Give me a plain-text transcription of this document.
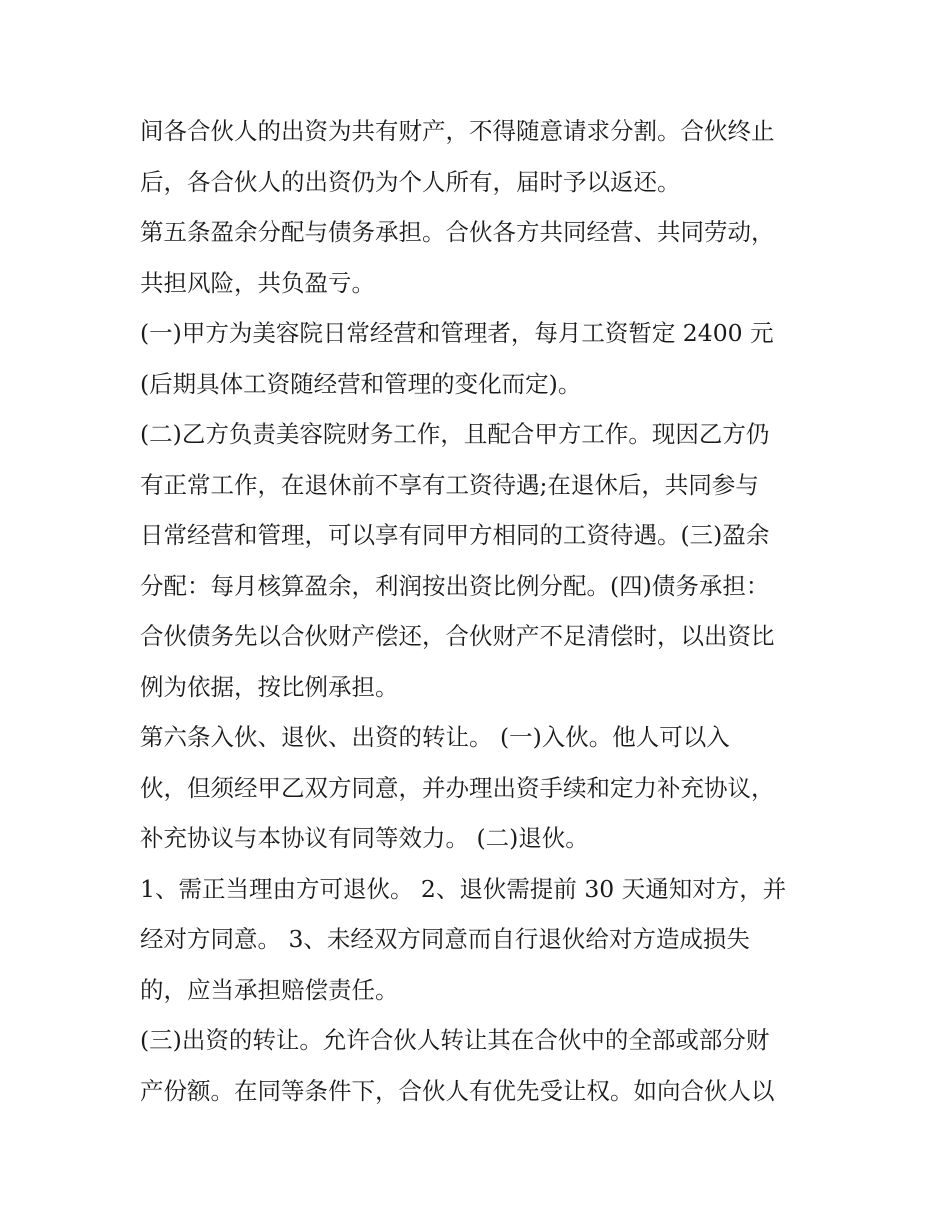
间各合伙人的出资为共有财产，不得随意请求分割。合伙终止
后，各合伙人的出资仍为个人所有，届时予以返还。
第五条盈余分配与债务承担。合伙各方共同经营、共同劳动，
共担风险，共负盈亏。
(一)甲方为美容院日常经营和管理者，每月工资暂定 2400 元
(后期具体工资随经营和管理的变化而定)。
(二)乙方负责美容院财务工作，且配合甲方工作。现因乙方仍
有正常工作，在退休前不享有工资待遇;在退休后，共同参与
日常经营和管理，可以享有同甲方相同的工资待遇。(三)盈余
分配：每月核算盈余，利润按出资比例分配。(四)债务承担：
合伙债务先以合伙财产偿还，合伙财产不足清偿时，以出资比
例为依据，按比例承担。
第六条入伙、退伙、出资的转让。 (一)入伙。他人可以入
伙，但须经甲乙双方同意，并办理出资手续和定力补充协议，
补充协议与本协议有同等效力。 (二)退伙。
1、需正当理由方可退伙。 2、退伙需提前 30 天通知对方，并
经对方同意。 3、未经双方同意而自行退伙给对方造成损失
的，应当承担赔偿责任。
(三)出资的转让。允许合伙人转让其在合伙中的全部或部分财
产份额。在同等条件下，合伙人有优先受让权。如向合伙人以
